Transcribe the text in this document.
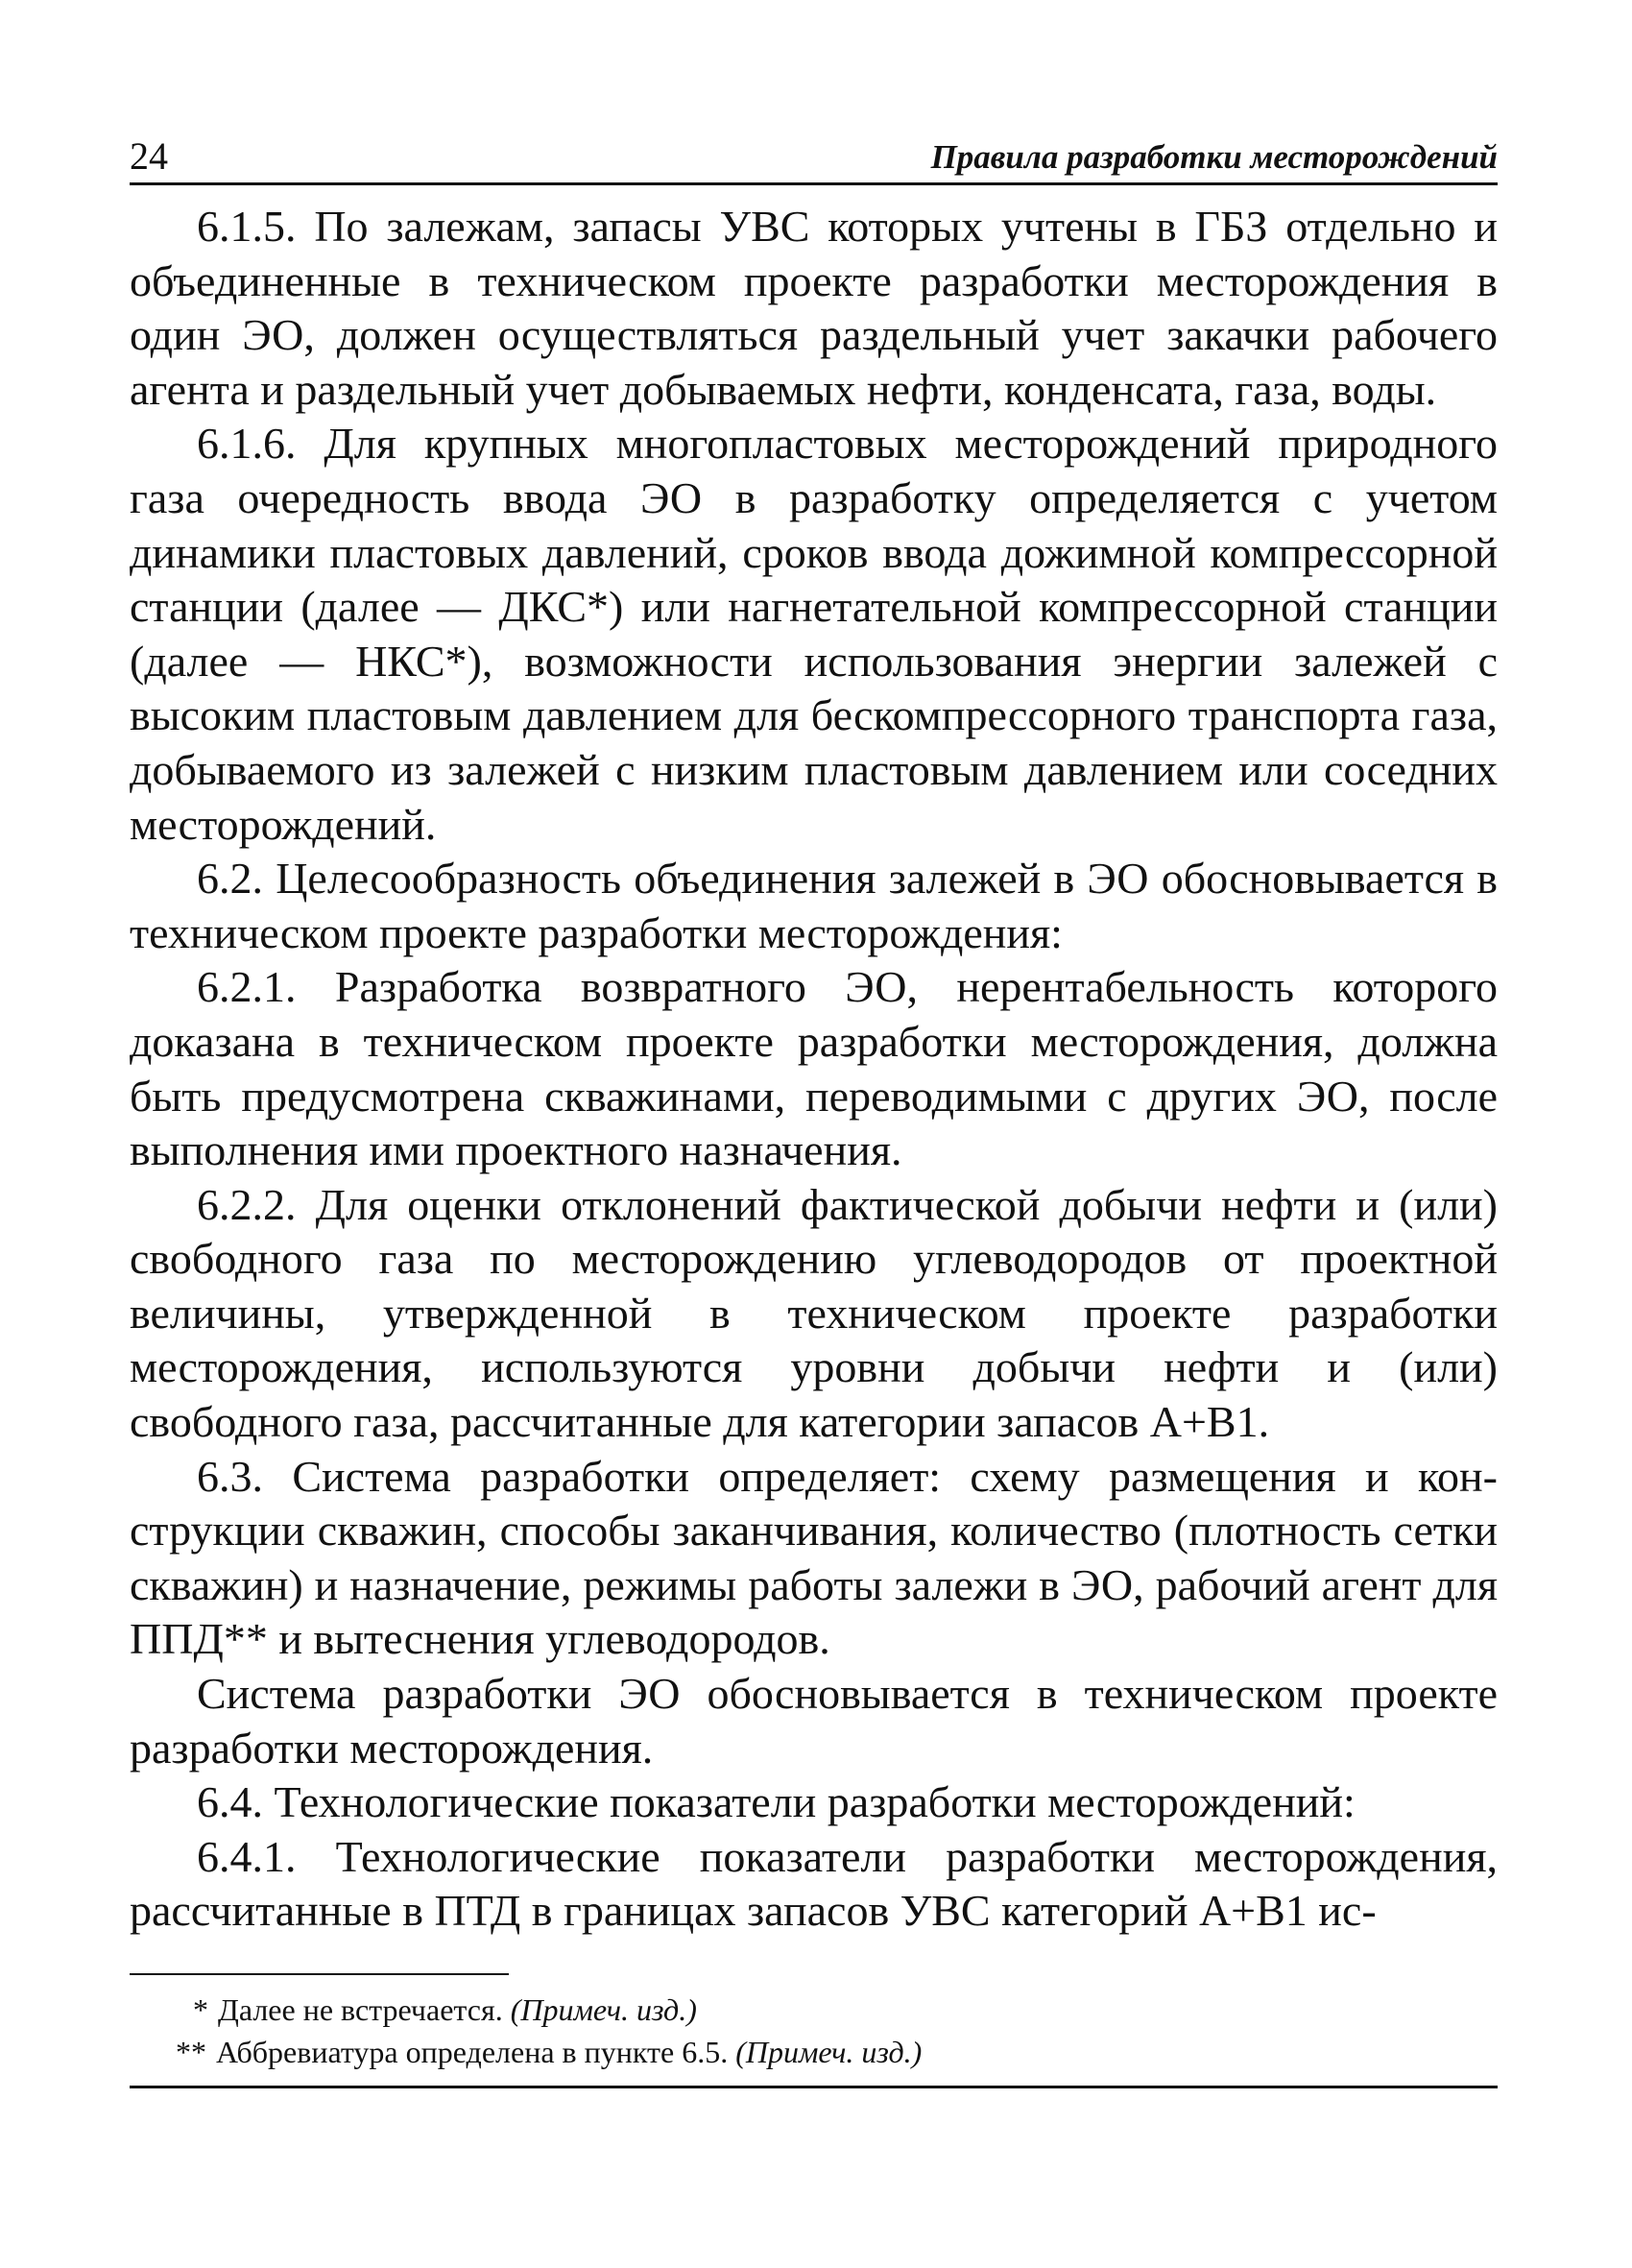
24	Правила разработки месторождений

6.1.5. По залежам, запасы УВС которых учтены в ГБЗ отдельно и объединенные в техническом проекте разработки месторождения в один ЭО, должен осуществляться раздельный учет закачки рабочего агента и раздельный учет добываемых нефти, конденсата, газа, воды.

6.1.6. Для крупных многопластовых месторождений природного газа очередность ввода ЭО в разработку определяется с учетом динамики пластовых давлений, сроков ввода дожимной компрессорной станции (далее — ДКС*) или нагнетательной компрессорной станции (далее — НКС*), возможности использования энергии залежей с высоким пластовым давлением для бескомпрессорного транспорта газа, добываемого из залежей с низким пластовым давлением или соседних месторождений.

6.2. Целесообразность объединения залежей в ЭО обосновывается в техническом проекте разработки месторождения:

6.2.1. Разработка возвратного ЭО, нерентабельность которого доказана в техническом проекте разработки месторождения, должна быть предусмотрена скважинами, переводимыми с других ЭО, после выполнения ими проектного назначения.

6.2.2. Для оценки отклонений фактической добычи нефти и (или) свободного газа по месторождению углеводородов от проектной величины, утвержденной в техническом проекте разработки месторождения, используются уровни добычи нефти и (или) свободного газа, рассчитанные для категории запасов А+В1.

6.3. Система разработки определяет: схему размещения и конструкции скважин, способы заканчивания, количество (плотность сетки скважин) и назначение, режимы работы залежи в ЭО, рабочий агент для ППД** и вытеснения углеводородов.

Система разработки ЭО обосновывается в техническом проекте разработки месторождения.

6.4. Технологические показатели разработки месторождений:

6.4.1. Технологические показатели разработки месторождения, рассчитанные в ПТД в границах запасов УВС категорий А+В1 ис-

* Далее не встречается. (Примеч. изд.)

** Аббревиатура определена в пункте 6.5. (Примеч. изд.)
